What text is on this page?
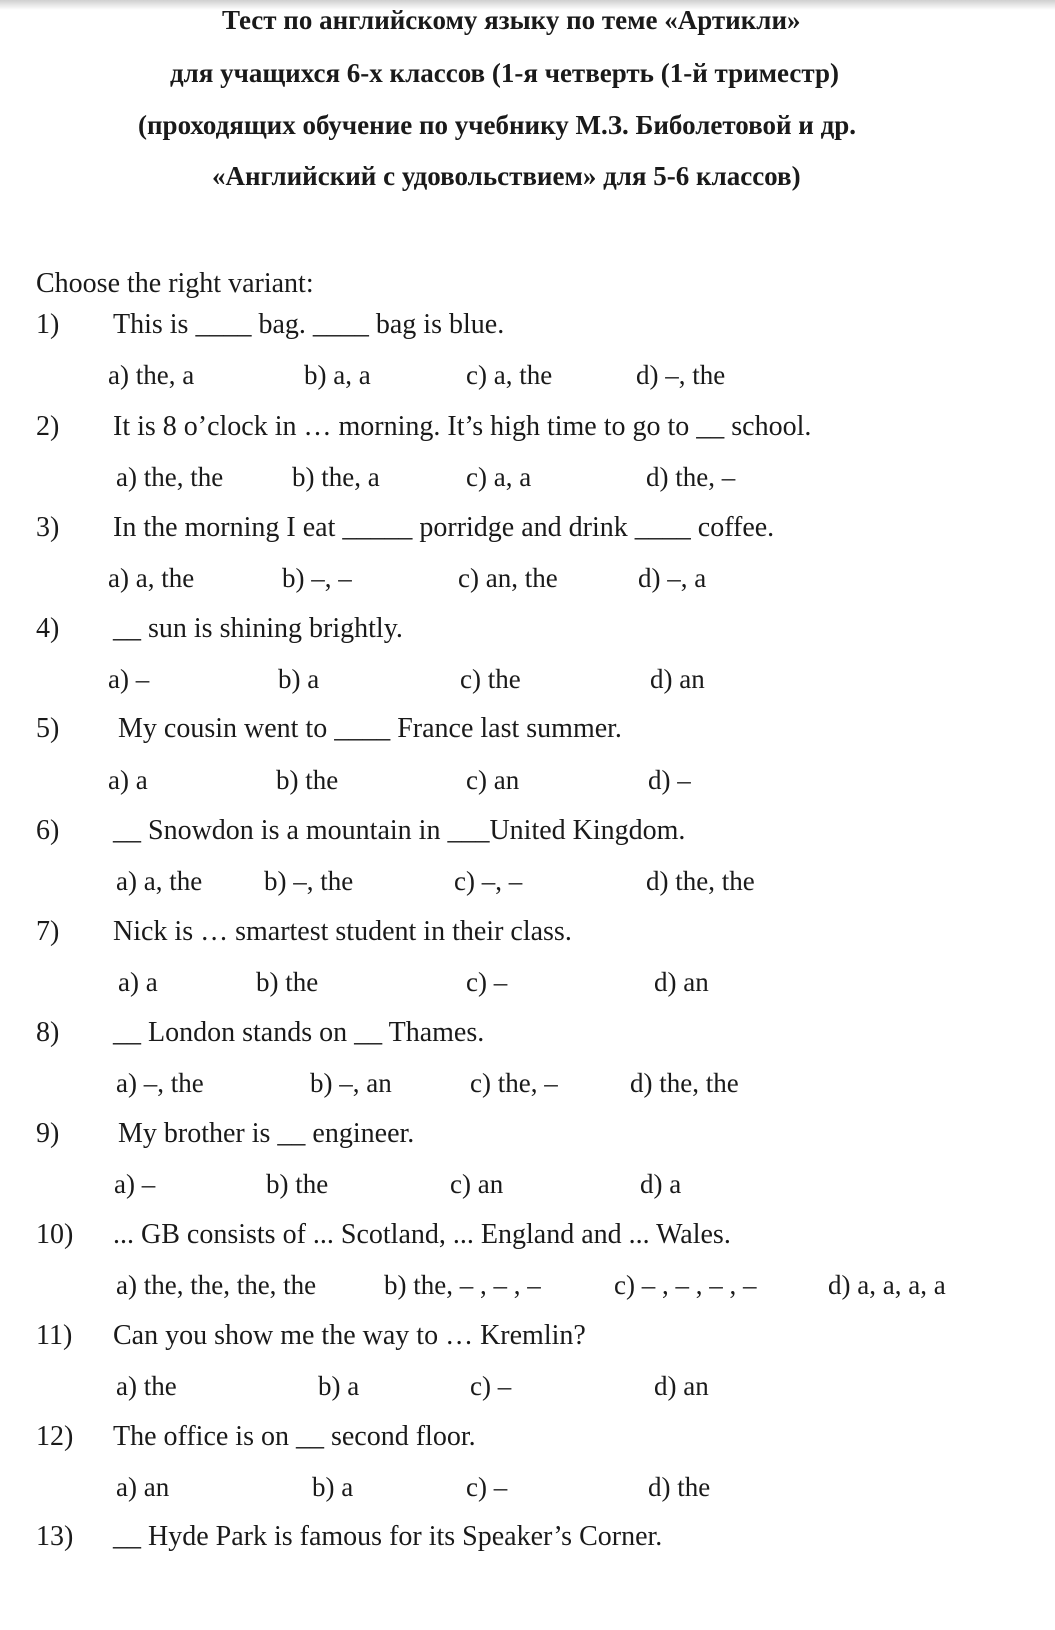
Тест по английскому языку по теме «Артикли»
для учащихся 6-х классов (1-я четверть (1-й триместр)
(проходящих обучение по учебнику М.З. Биболетовой и др.
«Английский с удовольствием» для 5-6 классов)
Choose the right variant:
1) This is ____ bag. ____ bag is blue.
a) the, a	b) a, a	c) a, the	d) –, the
2) It is 8 o’clock in … morning. It’s high time to go to __ school.
a) the, the	b) the, a	c) a, a	d) the, –
3) In the morning I eat _____ porridge and drink ____ coffee.
a) a, the	b) –, –	c) an, the	d) –, a
4) __ sun is shining brightly.
a) –	b) a	c) the	d) an
5) My cousin went to ____ France last summer.
a) a	b) the	c) an	d) –
6) __ Snowdon is a mountain in ___United Kingdom.
a) a, the b) –, the	c) –, –	d) the, the
7) Nick is … smartest student in their class.
a) a	b) the	c) –	d) an
8) __ London stands on __ Thames.
a) –, the	b) –, an	c) the, –	d) the, the
9) My brother is __ engineer.
a) –	b) the	c) an	d) a
10) ... GB consists of ... Scotland, ... England and ... Wales.
a) the, the, the, the	b) the, – , – , –	c) – , – , – , –	d) a, a, a, a
11) Can you show me the way to … Kremlin?
a) the	b) a	c) –	d) an
12) The office is on __ second floor.
a) an	b) a	c) –	d) the
13) __ Hyde Park is famous for its Speaker’s Corner.
